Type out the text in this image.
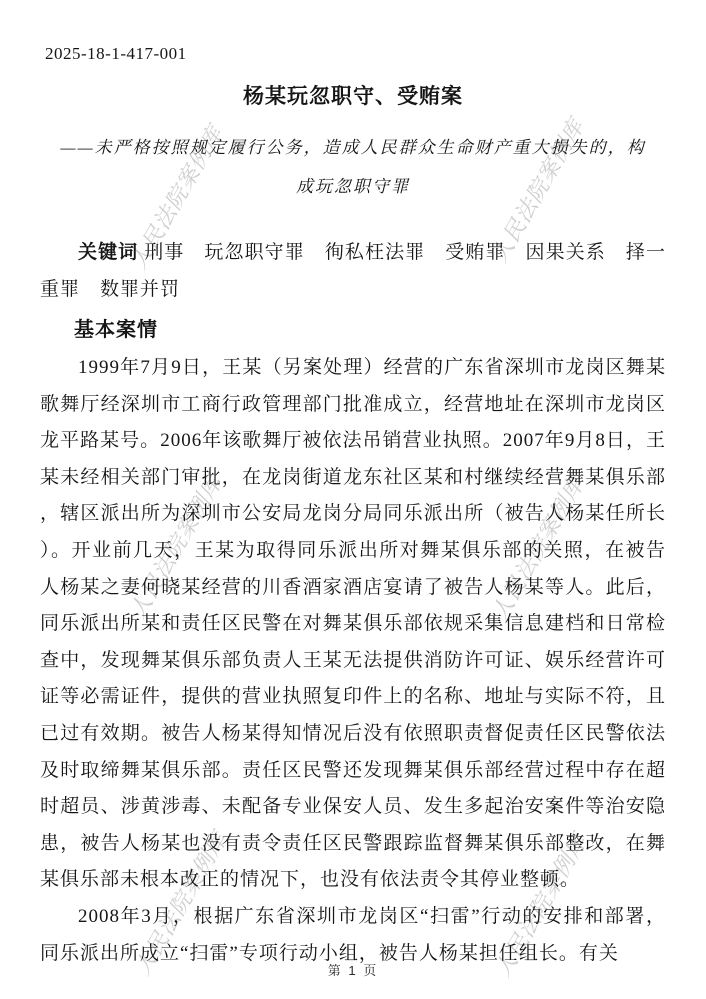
人民法院案例库	人民法院案例库
人民法院案例库	人民法院案例库
人民法院案例库	人民法院案例库
2025-18-1-417-001
杨某玩忽职守、受贿案
——未严格按照规定履行公务，造成人民群众生命财产重大损失的，构成玩忽职守罪

关键词 刑事　玩忽职守罪　徇私枉法罪　受贿罪　因果关系　择一重罪　数罪并罚

基本案情

1999年7月9日，王某（另案处理）经营的广东省深圳市龙岗区舞某歌舞厅经深圳市工商行政管理部门批准成立，经营地址在深圳市龙岗区龙平路某号。2006年该歌舞厅被依法吊销营业执照。2007年9月8日，王某未经相关部门审批，在龙岗街道龙东社区某和村继续经营舞某俱乐部，辖区派出所为深圳市公安局龙岗分局同乐派出所（被告人杨某任所长）。开业前几天，王某为取得同乐派出所对舞某俱乐部的关照，在被告人杨某之妻何晓某经营的川香酒家酒店宴请了被告人杨某等人。此后，同乐派出所某和责任区民警在对舞某俱乐部依规采集信息建档和日常检查中，发现舞某俱乐部负责人王某无法提供消防许可证、娱乐经营许可证等必需证件，提供的营业执照复印件上的名称、地址与实际不符，且已过有效期。被告人杨某得知情况后没有依照职责督促责任区民警依法及时取缔舞某俱乐部。责任区民警还发现舞某俱乐部经营过程中存在超时超员、涉黄涉毒、未配备专业保安人员、发生多起治安案件等治安隐患，被告人杨某也没有责令责任区民警跟踪监督舞某俱乐部整改，在舞某俱乐部未根本改正的情况下，也没有依法责令其停业整顿。

2008年3月，根据广东省深圳市龙岗区“扫雷”行动的安排和部署，同乐派出所成立“扫雷”专项行动小组，被告人杨某担任组长。有关

第 1 页
